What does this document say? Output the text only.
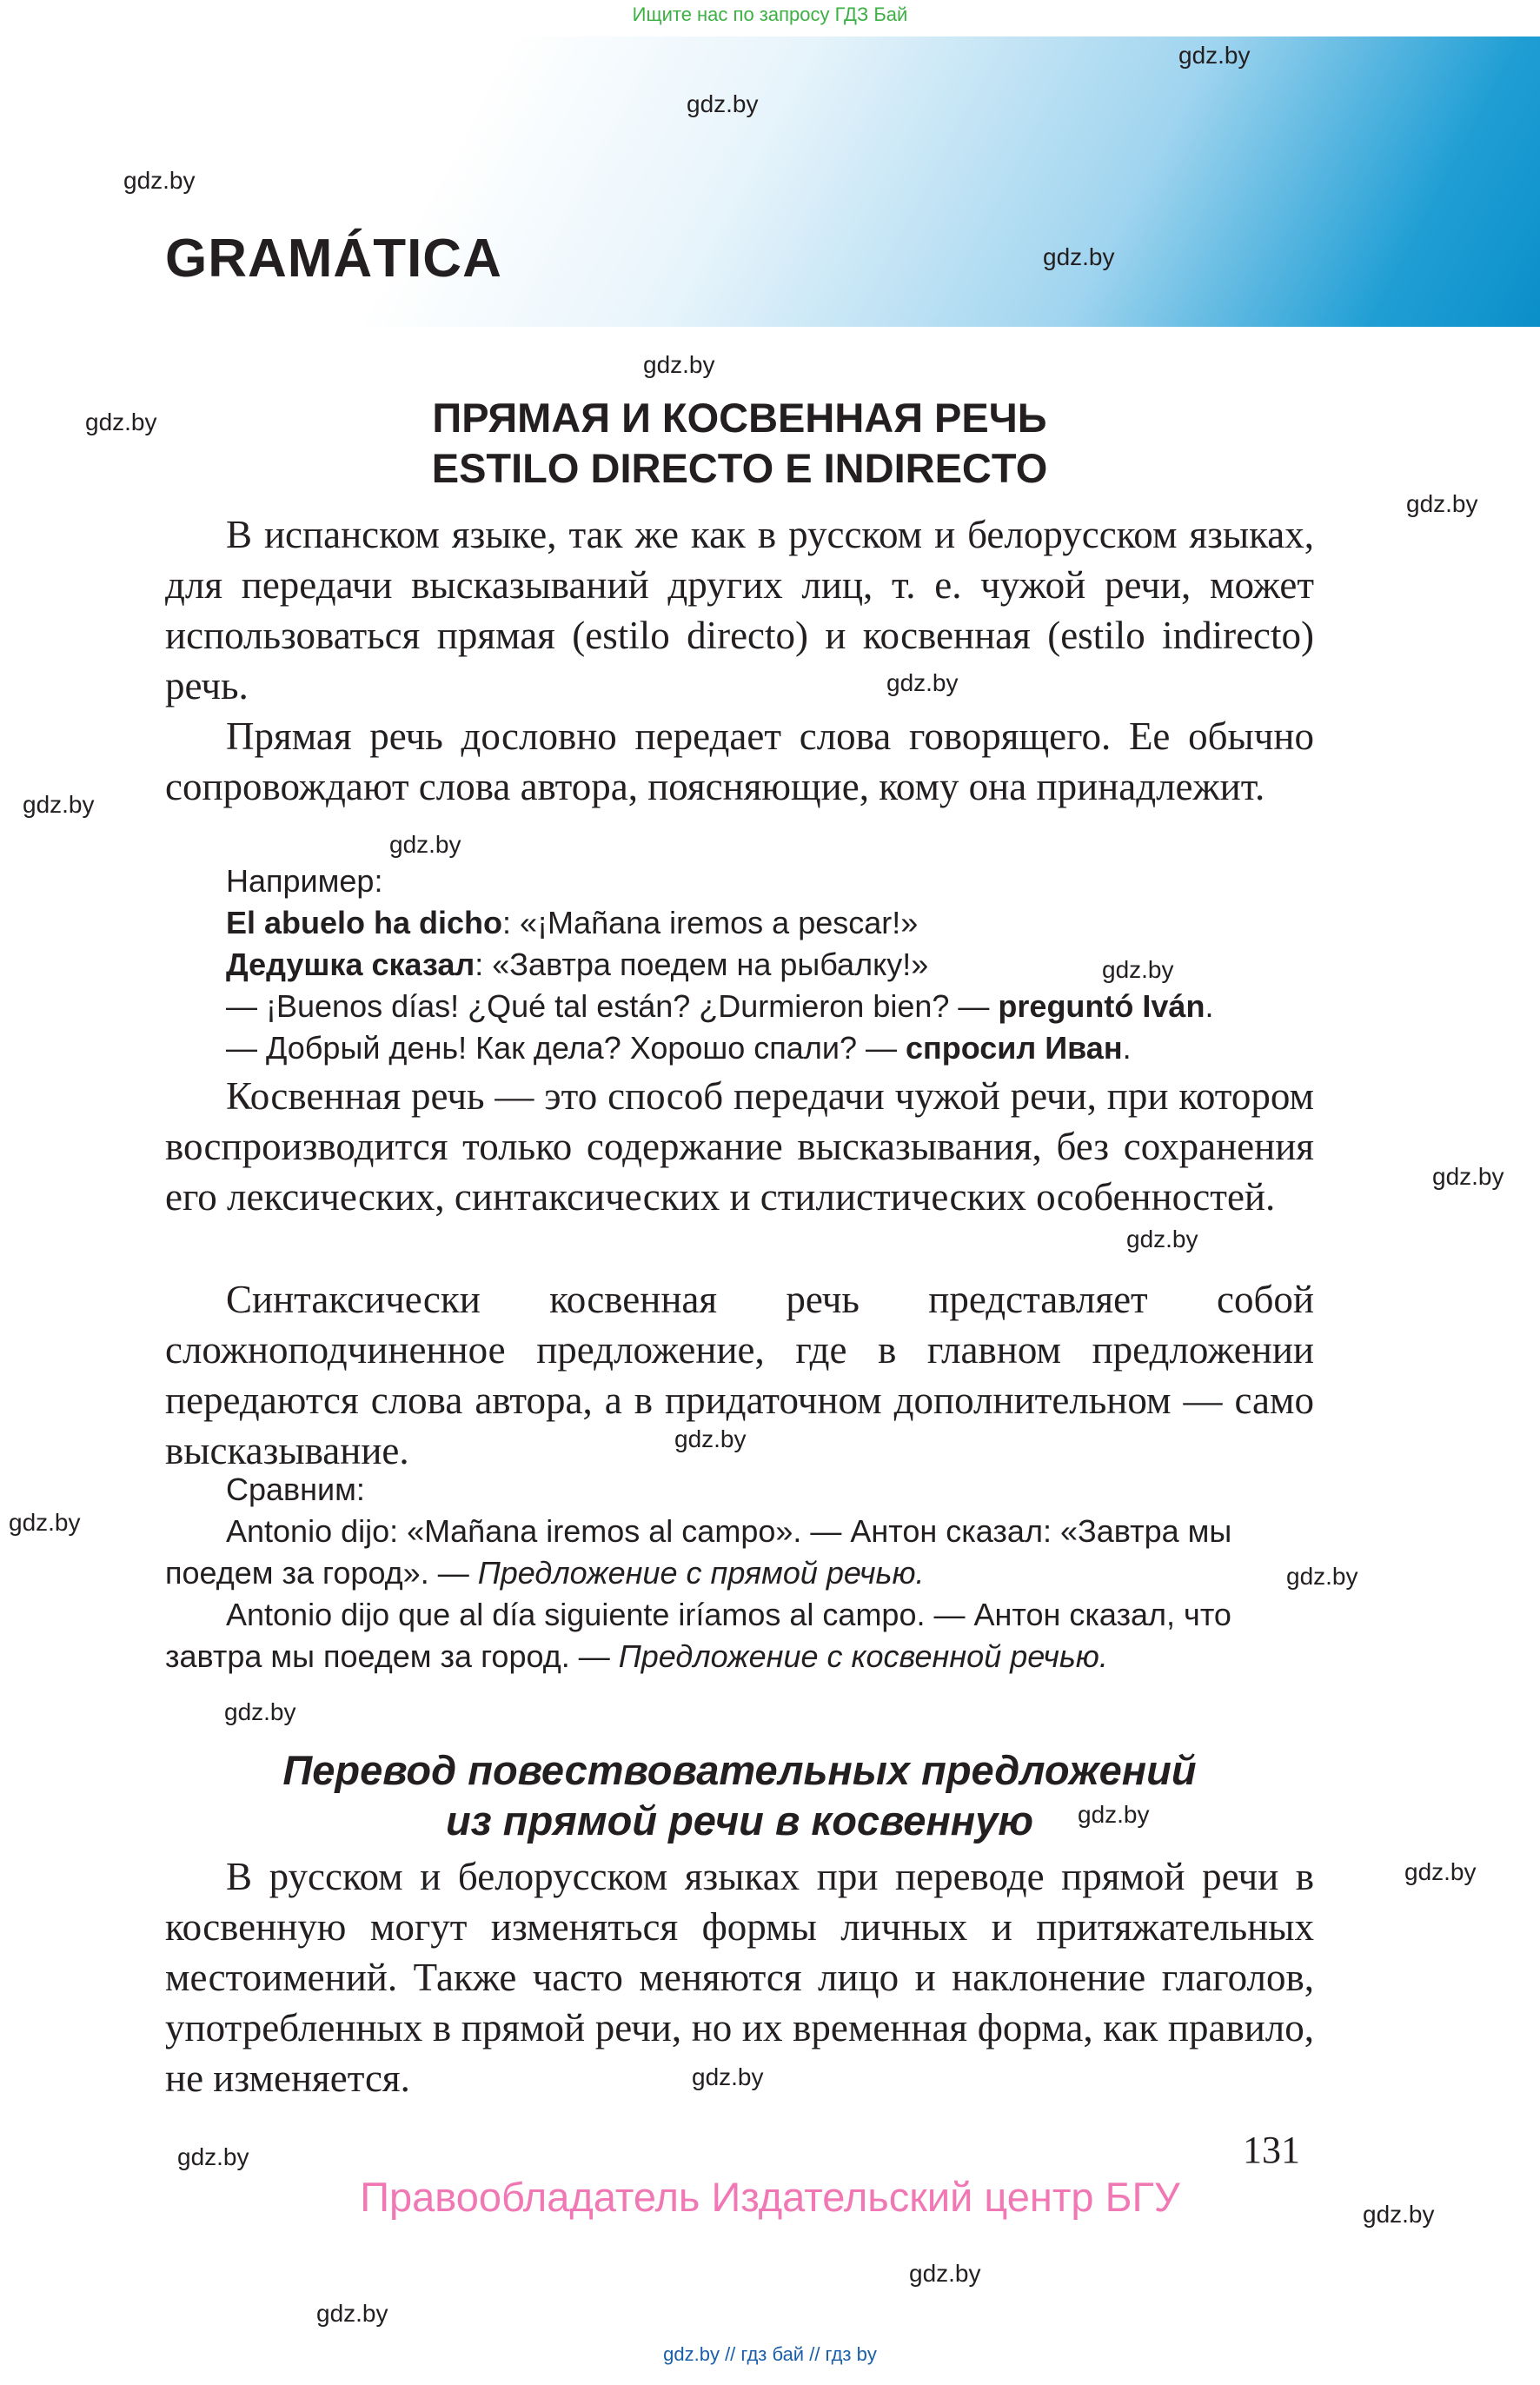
Ищите нас по запросу ГДЗ Бай
GRAMÁTICA
gdz.by
gdz.by
gdz.by
gdz.by
gdz.by
gdz.by
gdz.by
gdz.by
gdz.by
gdz.by
gdz.by
gdz.by
gdz.by
gdz.by
gdz.by
gdz.by
gdz.by
gdz.by
gdz.by
gdz.by
gdz.by
gdz.by
gdz.by
gdz.by
ПРЯМАЯ И КОСВЕННАЯ РЕЧЬ
ESTILO DIRECTO E INDIRECTO

В испанском языке, так же как в русском и белорусском языках, для передачи высказываний других лиц, т. е. чужой речи, может использоваться прямая (estilo directo) и косвенная (estilo indirecto) речь.

Прямая речь дословно передает слова говорящего. Ее обычно сопровождают слова автора, поясняющие, кому она принадлежит.

Например:

El abuelo ha dicho: «¡Mañana iremos a pescar!»

Дедушка сказал: «Завтра поедем на рыбалку!»

— ¡Buenos días! ¿Qué tal están? ¿Durmieron bien? — preguntó Iván.

— Добрый день! Как дела? Хорошо спали? — спросил Иван.

Косвенная речь — это способ передачи чужой речи, при котором воспроизводится только содержание высказывания, без сохранения его лексических, синтаксических и стилистических особенностей.

Синтаксически косвенная речь представляет собой сложноподчиненное предложение, где в главном предложении передаются слова автора, а в придаточном дополнительном — само высказывание.

Сравним:

Antonio dijo: «Mañana iremos al campo». — Антон сказал: «Завтра мы поедем за город». — Предложение с прямой речью.

Antonio dijo que al día siguiente iríamos al campo. — Антон сказал, что завтра мы поедем за город. — Предложение с косвенной речью.

Перевод повествовательных предложений
из прямой речи в косвенную

В русском и белорусском языках при переводе прямой речи в косвенную могут изменяться формы личных и притяжательных местоимений. Также часто меняются лицо и наклонение глаголов, употребленных в прямой речи, но их временная форма, как правило, не изменяется.

131
Правообладатель Издательский центр БГУ
gdz.by // гдз бай // гдз by
